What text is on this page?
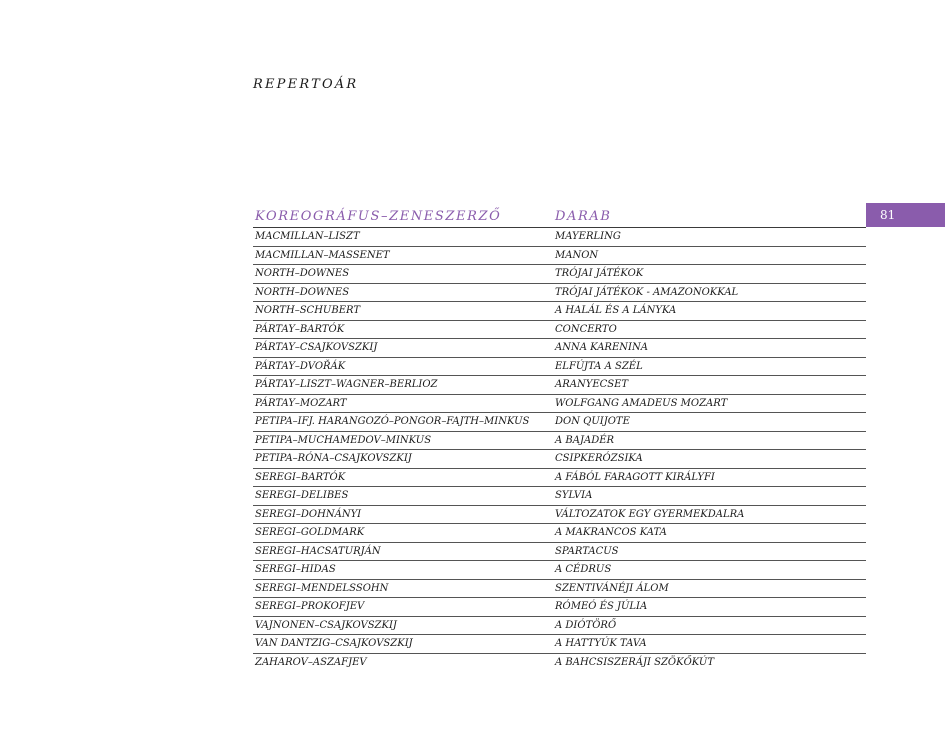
REPERTOÁR
81
KOREOGRÁFUS–ZENESZERZŐ	DARAB
MACMILLAN–LISZT	MAYERLING
MACMILLAN–MASSENET	MANON
NORTH–DOWNES	TRÓJAI JÁTÉKOK
NORTH–DOWNES	TRÓJAI JÁTÉKOK - AMAZONOKKAL
NORTH–SCHUBERT	A HALÁL ÉS A LÁNYKA
PÁRTAY–BARTÓK	CONCERTO
PÁRTAY–CSAJKOVSZKIJ	ANNA KARENINA
PÁRTAY–DVOŘÁK	ELFÚJTA A SZÉL
PÁRTAY–LISZT–WAGNER–BERLIOZ	ARANYECSET
PÁRTAY–MOZART	WOLFGANG AMADEUS MOZART
PETIPA–IFJ. HARANGOZÓ–PONGOR–FAJTH–MINKUS	DON QUIJOTE
PETIPA–MUCHAMEDOV–MINKUS	A BAJADÉR
PETIPA–RÓNA–CSAJKOVSZKIJ	CSIPKERÓZSIKA
SEREGI–BARTÓK	A FÁBÓL FARAGOTT KIRÁLYFI
SEREGI–DELIBES	SYLVIA
SEREGI–DOHNÁNYI	VÁLTOZATOK EGY GYERMEKDALRA
SEREGI–GOLDMARK	A MAKRANCOS KATA
SEREGI–HACSATURJÁN	SPARTACUS
SEREGI–HIDAS	A CÉDRUS
SEREGI–MENDELSSOHN	SZENTIVÁNÉJI ÁLOM
SEREGI–PROKOFJEV	RÓMEÓ ÉS JÚLIA
VAJNONEN–CSAJKOVSZKIJ	A DIÓTÖRŐ
VAN DANTZIG–CSAJKOVSZKIJ	A HATTYÚK TAVA
ZAHAROV–ASZAFJEV	A BAHCSISZERÁJI SZÖKŐKÚT
